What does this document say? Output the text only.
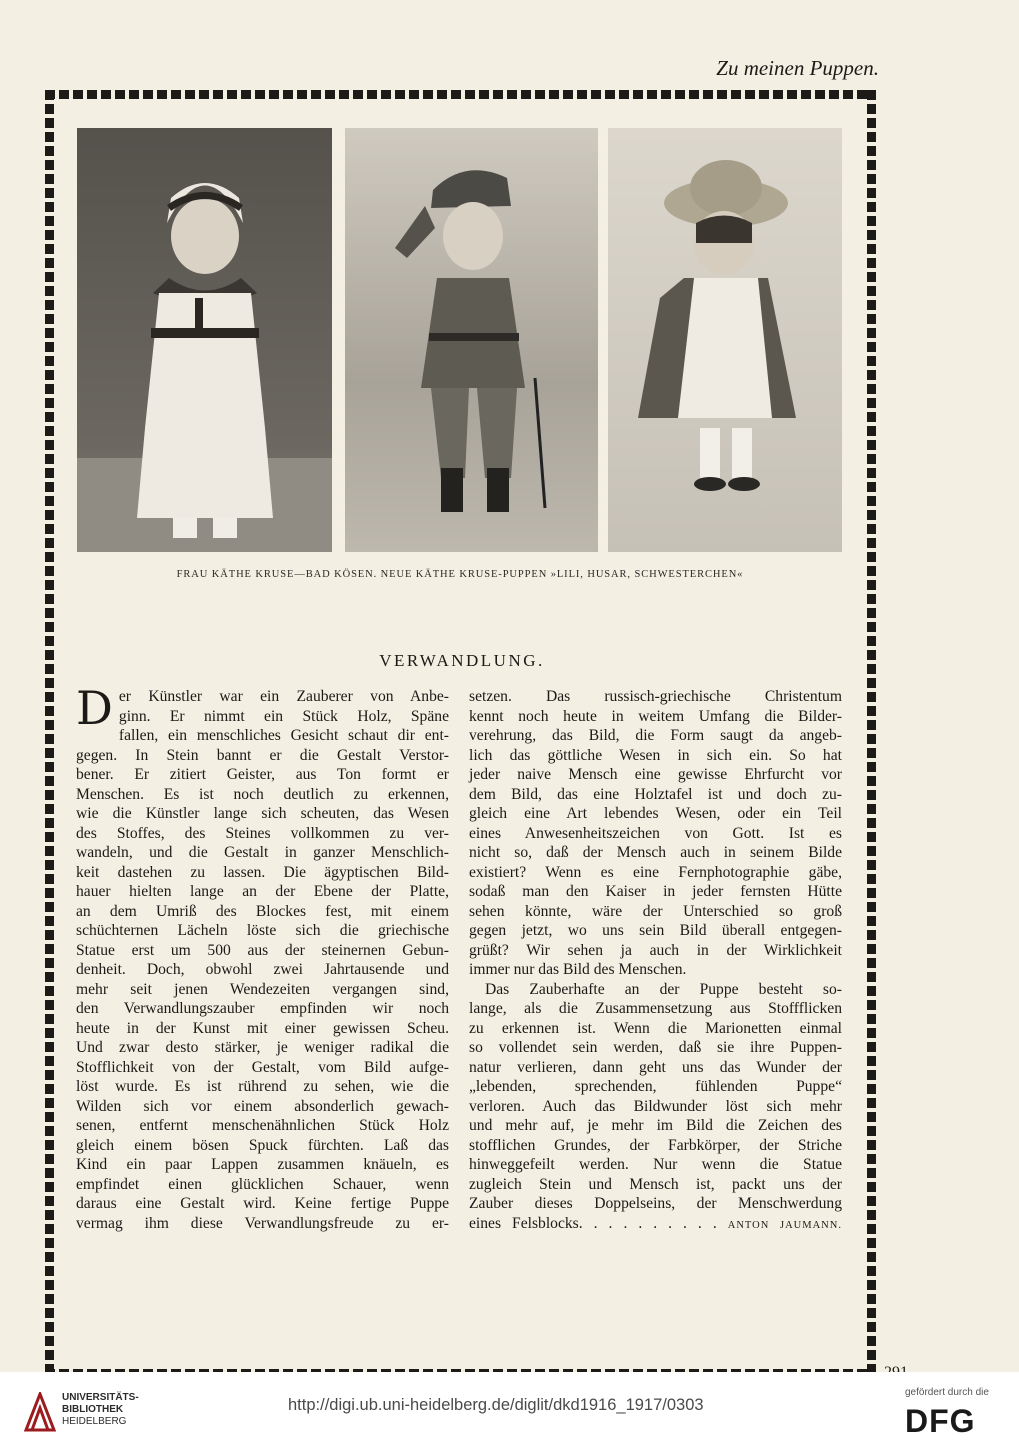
Zu meinen Puppen.
FRAU KÄTHE KRUSE—BAD KÖSEN. NEUE KÄTHE KRUSE-PUPPEN »LILI, HUSAR, SCHWESTERCHEN«
VERWANDLUNG.
D er Künstler war ein Zauberer von Anbe-
ginn. Er nimmt ein Stück Holz, Späne
fallen, ein menschliches Gesicht schaut dir ent-
gegen. In Stein bannt er die Gestalt Verstor-
bener. Er zitiert Geister, aus Ton formt er
Menschen. Es ist noch deutlich zu erkennen,
wie die Künstler lange sich scheuten, das Wesen
des Stoffes, des Steines vollkommen zu ver-
wandeln, und die Gestalt in ganzer Menschlich-
keit dastehen zu lassen. Die ägyptischen Bild-
hauer hielten lange an der Ebene der Platte,
an dem Umriß des Blockes fest, mit einem
schüchternen Lächeln löste sich die griechische
Statue erst um 500 aus der steinernen Gebun-
denheit. Doch, obwohl zwei Jahrtausende und
mehr seit jenen Wendezeiten vergangen sind,
den Verwandlungszauber empfinden wir noch
heute in der Kunst mit einer gewissen Scheu.
Und zwar desto stärker, je weniger radikal die
Stofflichkeit von der Gestalt, vom Bild aufge-
löst wurde. Es ist rührend zu sehen, wie die
Wilden sich vor einem absonderlich gewach-
senen, entfernt menschenähnlichen Stück Holz
gleich einem bösen Spuck fürchten. Laß das
Kind ein paar Lappen zusammen knäueln, es
empfindet einen glücklichen Schauer, wenn
daraus eine Gestalt wird. Keine fertige Puppe
vermag ihm diese Verwandlungsfreude zu er-
setzen. Das russisch-griechische Christentum
kennt noch heute in weitem Umfang die Bilder-
verehrung, das Bild, die Form saugt da angeb-
lich das göttliche Wesen in sich ein. So hat
jeder naive Mensch eine gewisse Ehrfurcht vor
dem Bild, das eine Holztafel ist und doch zu-
gleich eine Art lebendes Wesen, oder ein Teil
eines Anwesenheitszeichen von Gott. Ist es
nicht so, daß der Mensch auch in seinem Bilde
existiert? Wenn es eine Fernphotographie gäbe,
sodaß man den Kaiser in jeder fernsten Hütte
sehen könnte, wäre der Unterschied so groß
gegen jetzt, wo uns sein Bild überall entgegen-
grüßt? Wir sehen ja auch in der Wirklichkeit
immer nur das Bild des Menschen.
Das Zauberhafte an der Puppe besteht so-
lange, als die Zusammensetzung aus Stoffflicken
zu erkennen ist. Wenn die Marionetten einmal
so vollendet sein werden, daß sie ihre Puppen-
natur verlieren, dann geht uns das Wunder der
„lebenden, sprechenden, fühlenden Puppe“
verloren. Auch das Bildwunder löst sich mehr
und mehr auf, je mehr im Bild die Zeichen des
stofflichen Grundes, der Farbkörper, der Striche
hinweggefeilt werden. Nur wenn die Statue
zugleich Stein und Mensch ist, packt uns der
Zauber dieses Doppelseins, der Menschwerdung
eines Felsblocks. . . . . . . . . . ANTON JAUMANN.
UNIVERSITÄTS-
BIBLIOTHEK
HEIDELBERG
http://digi.ub.uni-heidelberg.de/diglit/dkd1916_1917/0303
gefördert durch die
DFG
